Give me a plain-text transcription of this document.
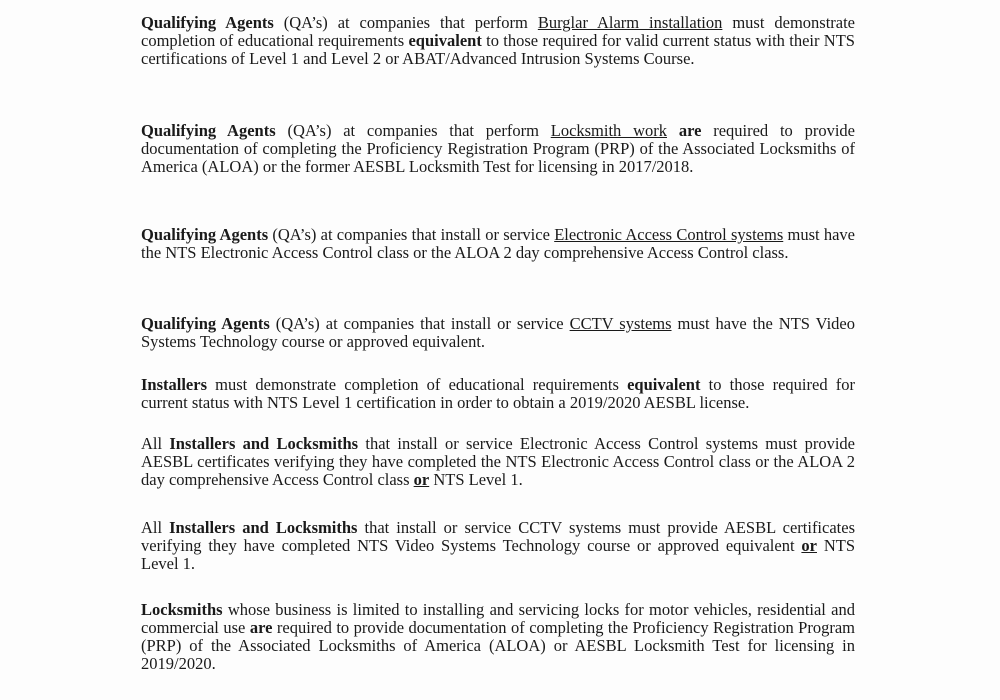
Qualifying Agents (QA’s) at companies that perform Burglar Alarm installation must demonstrate completion of educational requirements equivalent to those required for valid current status with their NTS certifications of Level 1 and Level 2 or ABAT/Advanced Intrusion Systems Course.

Qualifying Agents (QA’s) at companies that perform Locksmith work are required to provide documentation of completing the Proficiency Registration Program (PRP) of the Associated Locksmiths of America (ALOA) or the former AESBL Locksmith Test for licensing in 2017/2018.

Qualifying Agents (QA’s) at companies that install or service Electronic Access Control systems must have the NTS Electronic Access Control class or the ALOA 2 day comprehensive Access Control class.

Qualifying Agents (QA’s) at companies that install or service CCTV systems must have the NTS Video Systems Technology course or approved equivalent.

Installers must demonstrate completion of educational requirements equivalent to those required for current status with NTS Level 1 certification in order to obtain a 2019/2020 AESBL license.

All Installers and Locksmiths that install or service Electronic Access Control systems must provide AESBL certificates verifying they have completed the NTS Electronic Access Control class or the ALOA 2 day comprehensive Access Control class or NTS Level 1.

All Installers and Locksmiths that install or service CCTV systems must provide AESBL certificates verifying they have completed NTS Video Systems Technology course or approved equivalent or NTS Level 1.

Locksmiths whose business is limited to installing and servicing locks for motor vehicles, residential and commercial use are required to provide documentation of completing the Proficiency Registration Program (PRP) of the Associated Locksmiths of America (ALOA) or AESBL Locksmith Test for licensing in 2019/2020.
